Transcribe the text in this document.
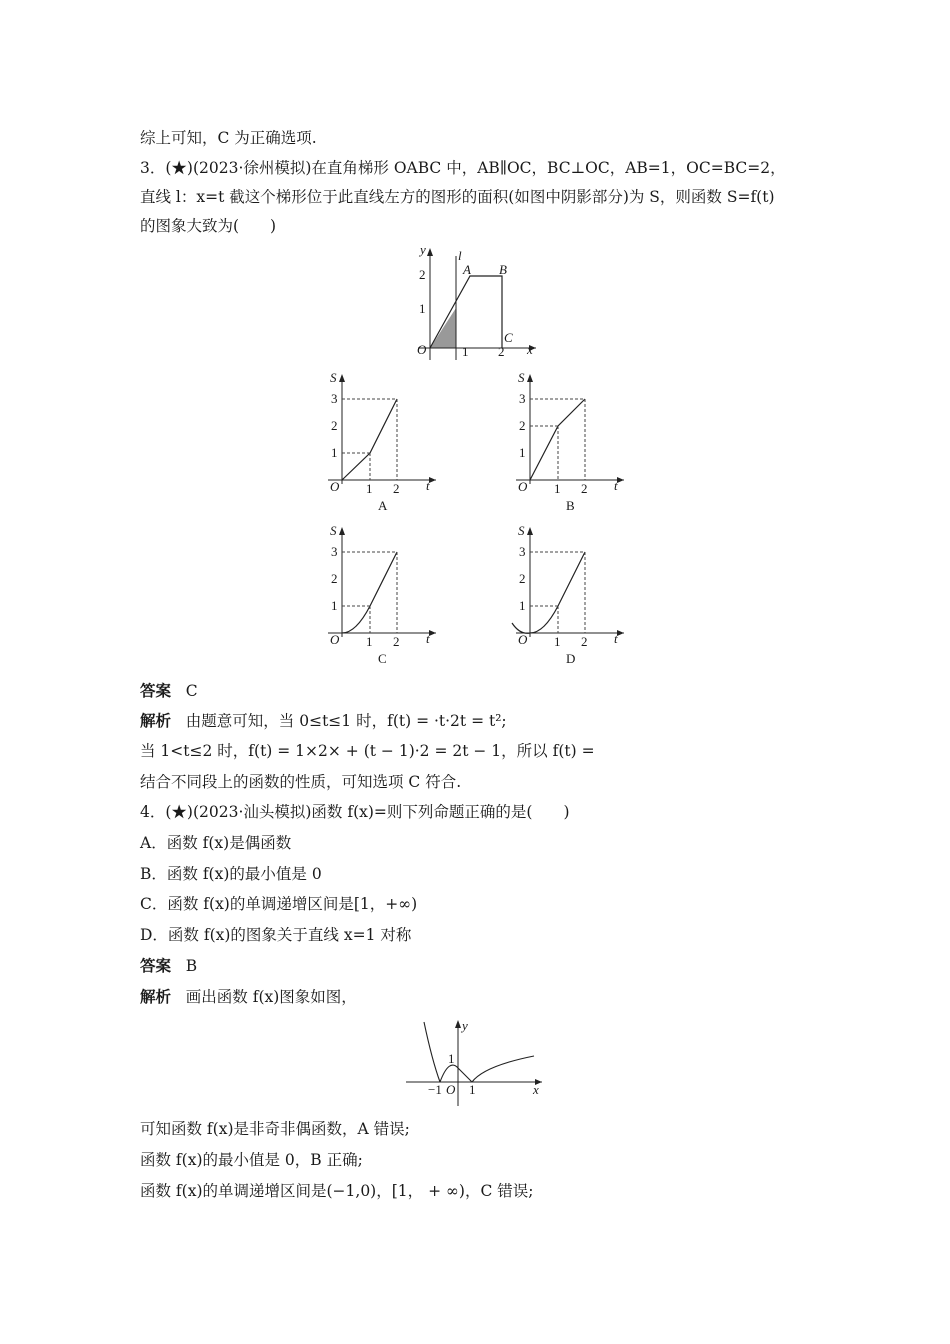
综上可知，C 为正确选项.
3．(★)(2023·徐州模拟)在直角梯形 OABC 中，AB∥OC，BC⊥OC，AB=1，OC=BC=2，
直线 l：x=t 截这个梯形位于此直线左方的图形的面积(如图中阴影部分)为 S，则函数 S=f(t)
的图象大致为(　　)
y l
A B
C
O	1 2 x
1
2
S
O 1 2 t
1
2
3
A
S
O 1 2 t
1
2
3
B
S
O 1 2 t
1
2
3
C
S
O 1 2 t
1
2
3
D
答案 C
解析 由题意可知，当 0≤t≤1 时，f(t) = ·t·2t = t²;
当 1<t≤2 时，f(t) = 1×2× + (t − 1)·2 = 2t − 1，所以 f(t) =
结合不同段上的函数的性质，可知选项 C 符合.
4．(★)(2023·汕头模拟)函数 f(x)=则下列命题正确的是(　　)
A．函数 f(x)是偶函数
B．函数 f(x)的最小值是 0
C．函数 f(x)的单调递增区间是[1，+∞)
D．函数 f(x)的图象关于直线 x=1 对称
答案 B
解析 画出函数 f(x)图象如图，
y
1
−1 O 1	x
可知函数 f(x)是非奇非偶函数，A 错误;
函数 f(x)的最小值是 0，B 正确;
函数 f(x)的单调递增区间是(−1,0)，[1， + ∞)，C 错误;
